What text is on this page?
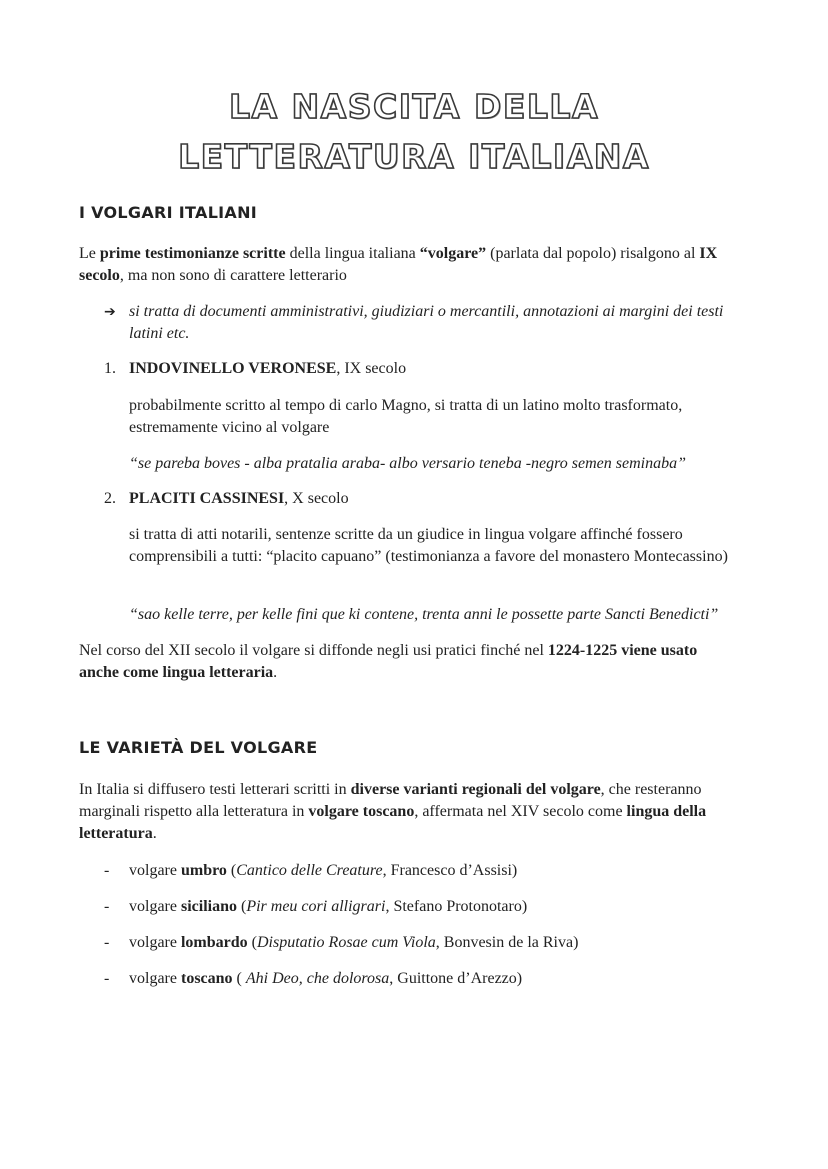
LA NASCITA DELLA
LETTERATURA ITALIANA
I VOLGARI ITALIANI

Le prime testimonianze scritte della lingua italiana “volgare” (parlata dal popolo) risalgono al IX secolo, ma non sono di carattere letterario

➔ si tratta di documenti amministrativi, giudiziari o mercantili, annotazioni ai margini dei testi latini etc.

1. INDOVINELLO VERONESE, IX secolo

probabilmente scritto al tempo di carlo Magno, si tratta di un latino molto trasformato, estremamente vicino al volgare

“se pareba boves - alba pratalia araba- albo versario teneba -negro semen seminaba”

2. PLACITI CASSINESI, X secolo

si tratta di atti notarili, sentenze scritte da un giudice in lingua volgare affinché fossero comprensibili a tutti: “placito capuano” (testimonianza a favore del monastero Montecassino)

“sao kelle terre, per kelle fini que ki contene, trenta anni le possette parte Sancti Benedicti”

Nel corso del XII secolo il volgare si diffonde negli usi pratici finché nel 1224-1225 viene usato anche come lingua letteraria.

LE VARIETÀ DEL VOLGARE

In Italia si diffusero testi letterari scritti in diverse varianti regionali del volgare, che resteranno marginali rispetto alla letteratura in volgare toscano, affermata nel XIV secolo come lingua della letteratura.

- volgare umbro (Cantico delle Creature, Francesco d’Assisi)

- volgare siciliano (Pir meu cori alligrari, Stefano Protonotaro)

- volgare lombardo (Disputatio Rosae cum Viola, Bonvesin de la Riva)

- volgare toscano ( Ahi Deo, che dolorosa, Guittone d’Arezzo)
